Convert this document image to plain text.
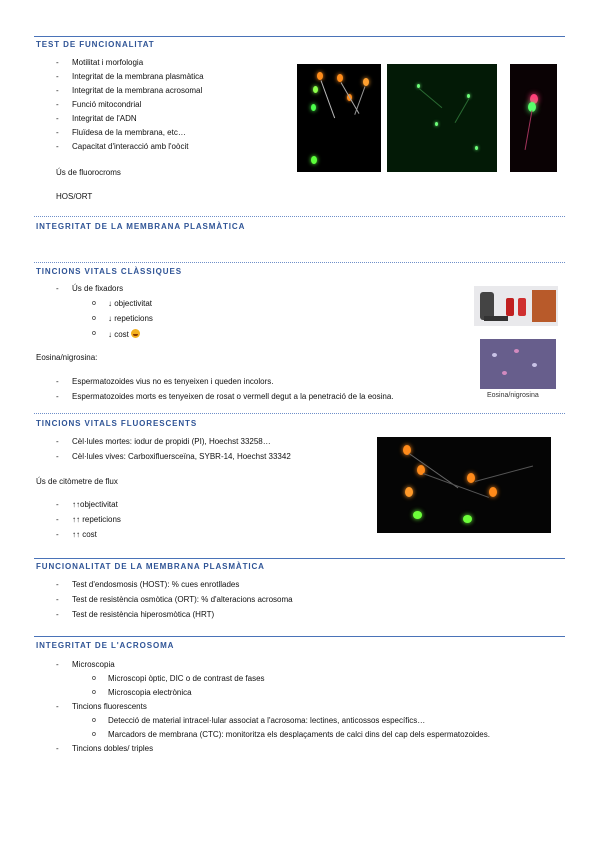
TEST DE FUNCIONALITAT
- Motilitat i morfologia
- Integritat de la membrana plasmàtica
- Integritat de la membrana acrosomal
- Funció mitocondrial
- Integritat de l'ADN
- Fluïdesa de la membrana, etc…
- Capacitat d'interacció amb l'oòcit
Ús de fluorocroms
HOS/ORT
INTEGRITAT DE LA MEMBRANA PLASMÀTICA
TINCIONS VITALS CLÀSSIQUES
- Ús de fixadors
o ↓ objectivitat
o ↓ repeticions
o ↓ cost
Eosina/nigrosina:
- Espermatozoides vius no es tenyeixen i queden incolors.
- Espermatozoides morts es tenyeixen de rosat o vermell degut a la penetració de la eosina.	Eosina/nigrosina
TINCIONS VITALS FLUORESCENTS
- Cèl·lules mortes: iodur de propidi (PI), Hoechst 33258…
- Cèl·lules vives: Carboxifluersceïna, SYBR-14, Hoechst 33342
Ús de citòmetre de flux
- ↑↑objectivitat
- ↑↑ repeticions
- ↑↑ cost
FUNCIONALITAT DE LA MEMBRANA PLASMÀTICA
- Test d'endosmosis (HOST): % cues enrotllades
- Test de resistència osmòtica (ORT): % d'alteracions acrosoma
- Test de resistència hiperosmòtica (HRT)
INTEGRITAT DE L'ACROSOMA
- Microscopia
o Microscopi òptic, DIC o de contrast de fases
o Microscopia electrònica
- Tincions fluorescents
o Detecció de material intracel·lular associat a l'acrosoma: lectines, anticossos específics…
o Marcadors de membrana (CTC): monitoritza els desplaçaments de calci dins del cap dels espermatozoides.
- Tincions dobles/ triples
